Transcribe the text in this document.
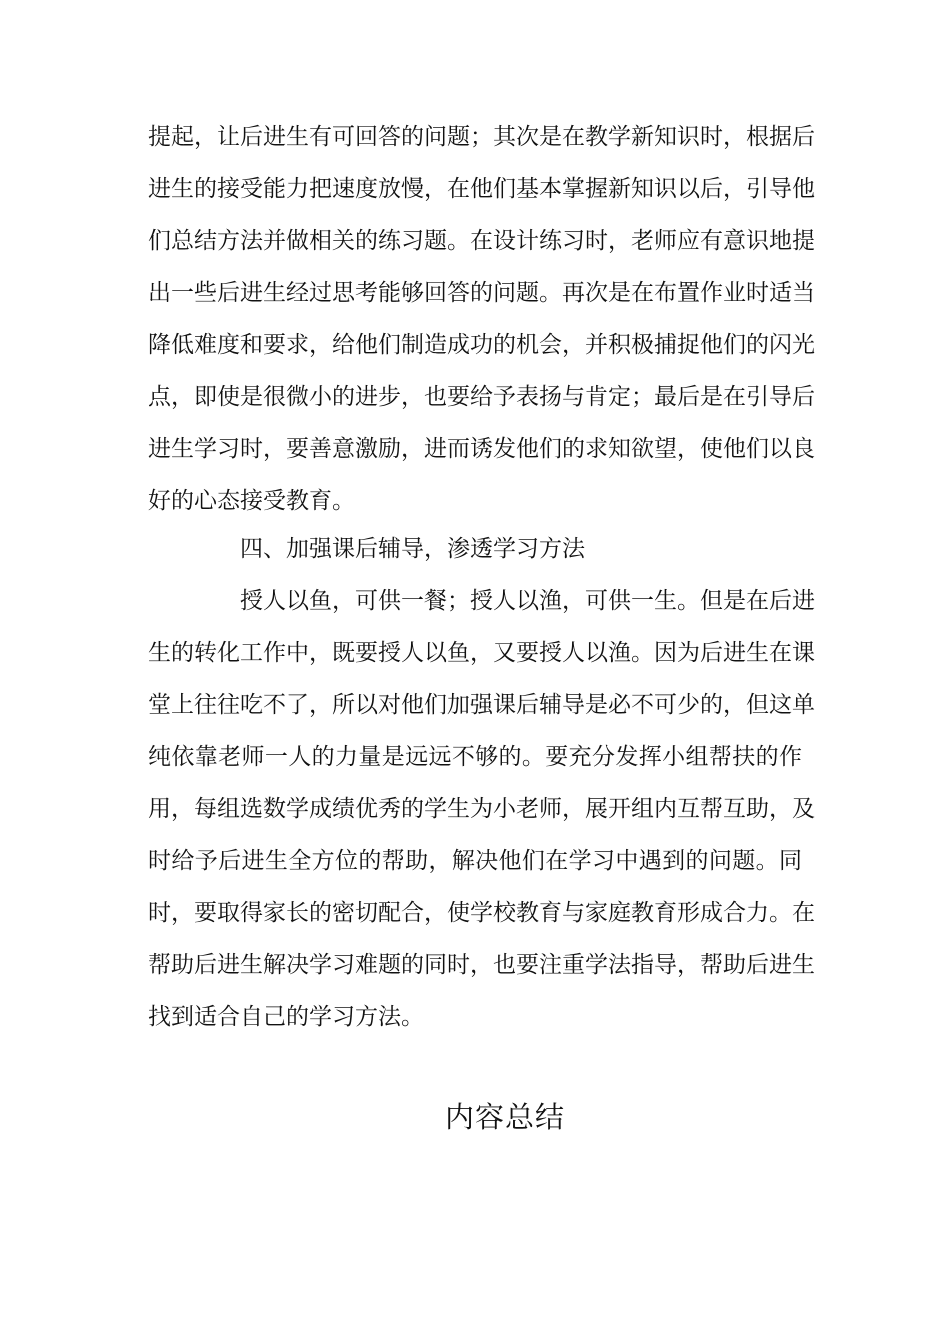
提起，让后进生有可回答的问题；其次是在教学新知识时，根据后
进生的接受能力把速度放慢，在他们基本掌握新知识以后，引导他
们总结方法并做相关的练习题。在设计练习时，老师应有意识地提
出一些后进生经过思考能够回答的问题。再次是在布置作业时适当
降低难度和要求，给他们制造成功的机会，并积极捕捉他们的闪光
点，即使是很微小的进步，也要给予表扬与肯定；最后是在引导后
进生学习时，要善意激励，进而诱发他们的求知欲望，使他们以良
好的心态接受教育。
四、加强课后辅导，渗透学习方法
授人以鱼，可供一餐；授人以渔，可供一生。但是在后进
生的转化工作中，既要授人以鱼，又要授人以渔。因为后进生在课
堂上往往吃不了，所以对他们加强课后辅导是必不可少的，但这单
纯依靠老师一人的力量是远远不够的。要充分发挥小组帮扶的作
用，每组选数学成绩优秀的学生为小老师，展开组内互帮互助，及
时给予后进生全方位的帮助，解决他们在学习中遇到的问题。同
时，要取得家长的密切配合，使学校教育与家庭教育形成合力。在
帮助后进生解决学习难题的同时，也要注重学法指导，帮助后进生
找到适合自己的学习方法。
内容总结
